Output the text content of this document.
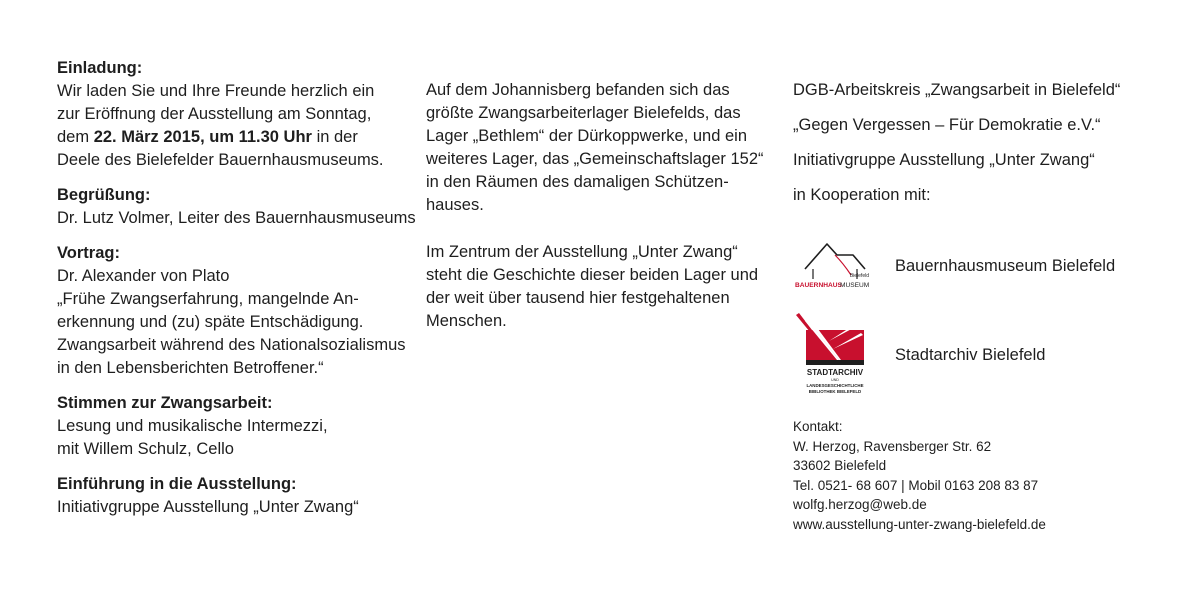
Einladung:
Wir laden Sie und Ihre Freunde herzlich ein
zur Eröffnung der Ausstellung am Sonntag,
dem 22. März 2015, um 11.30 Uhr in der
Deele des Bielefelder Bauernhausmuseums.
Begrüßung:
Dr. Lutz Volmer, Leiter des Bauernhausmuseums
Vortrag:
Dr. Alexander von Plato
„Frühe Zwangserfahrung, mangelnde An-
erkennung und (zu) späte Entschädigung.
Zwangsarbeit während des Nationalsozialismus
in den Lebensberichten Betroffener.“
Stimmen zur Zwangsarbeit:
Lesung und musikalische Intermezzi,
mit Willem Schulz, Cello
Einführung in die Ausstellung:
Initiativgruppe Ausstellung „Unter Zwang“
Auf dem Johannisberg befanden sich das
größte Zwangsarbeiterlager Bielefelds, das
Lager „Bethlem“ der Dürkoppwerke, und ein
weiteres Lager, das „Gemeinschaftslager 152“
in den Räumen des damaligen Schützen-
hauses.
Im Zentrum der Ausstellung „Unter Zwang“
steht die Geschichte dieser beiden Lager und
der weit über tausend hier festgehaltenen
Menschen.
DGB-Arbeitskreis „Zwangsarbeit in Bielefeld“
„Gegen Vergessen – Für Demokratie e.V.“
Initiativgruppe Ausstellung „Unter Zwang“
in Kooperation mit:
Bielefeld
BAUERNHAUS
MUSEUM
Bauernhausmuseum Bielefeld
STADTARCHIV
UND
LANDESGESCHICHTLICHE
BIBLIOTHEK BIELEFELD
Stadtarchiv Bielefeld
Kontakt:
W. Herzog, Ravensberger Str. 62
33602 Bielefeld
Tel. 0521- 68 607 | Mobil 0163 208 83 87
wolfg.herzog@web.de
www.ausstellung-unter-zwang-bielefeld.de
